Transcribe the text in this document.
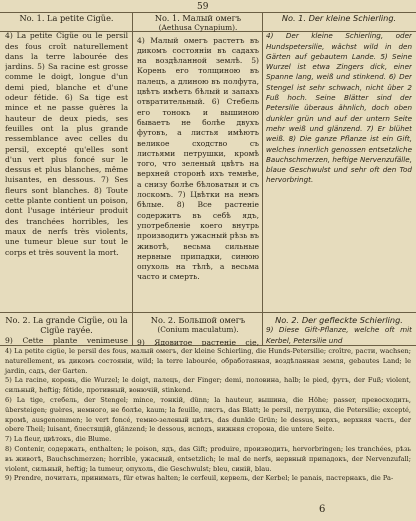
59
No. 1. La petite Cigüe.

4) La petite Cigüe ou le persil des fous croît naturellement dans la terre labourée des jardins. 5) Sa racine est grosse comme le doigt, longue d'un demi pied, blanche et d'une odeur fétide. 6) Sa tige est mince et ne passe guères la hauteur de deux pieds, ses feuilles ont la plus grande ressemblance avec celles du persil, excepté qu'elles sont d'un vert plus foncé sur le dessus et plus blanches, même luisantes, en dessous. 7) Ses fleurs sont blanches. 8) Toute cette plante contient un poison, dont l'usage intérieur produit des tranchées horribles, les maux de nerfs très violents, une tumeur bleue sur tout le corps et très souvent la mort.

No. 1. Малый омегъ
(Aethusa Cynapium).

4) Малый омегъ растетъ въ дикомъ состояніи въ садахъ на воздѣланной землѣ. 5) Корень его толщиною въ палецъ, а длиною въ полфута, цвѣтъ имѣетъ бѣлый и запахъ отвратительный. 6) Стебель его тонокъ и вышиною бываетъ не болѣе двухъ футовъ, а листья имѣютъ великое сходство съ листьями петрушки, кромѣ того, что зеленый цвѣтъ на верхней сторонѣ ихъ темнѣе, а снизу болѣе бѣловатыя и съ лоскомъ. 7) Цвѣтки на немъ бѣлые. 8) Все растеніе содержитъ въ себѣ ядъ, употребленіе коего внутрь производитъ ужасный рѣзь въ животѣ, весьма сильные нервные припадки, синюю опухоль на тѣлѣ, а весьма часто и смерть.

No. 1. Der kleine Schierling.

4) Der kleine Schierling, oder Hundspetersilie, wächst wild in den Gärten auf gebautem Lande. 5) Seine Wurzel ist etwa Zingers dick, einer Spanne lang, weiß und stinkend. 6) Der Stengel ist sehr schwach, nicht über 2 Fuß hoch. Seine Blätter sind der Petersilie überaus ähnlich, doch oben dunkler grün und auf der untern Seite mehr weiß und glänzend. 7) Er blühet weiß. 8) Die ganze Pflanze ist ein Gift, welches innerlich genossen entsetzliche Bauchschmerzen, heftige Nervenzufälle, blaue Geschwulst und sehr oft den Tod hervorbringt.

No. 2. La grande Cigüe, ou la Cigüe rayée.

9) Cette plante venimeuse

No. 2. Большой омегъ
(Conium maculatum).

9) Ядовитое растеніе сіе,

No. 2. Der gefleckte Schierling.

9) Diese Gift-Pflanze, welche oft mit Kerbel, Petersilie und

4) La petite cigüe, le persil des fous, малый омегъ, der kleine Schierling, die Hunds-Petersilie; croître, расти, wachsen; naturellement, въ дикомъ состояніи, wild; la terre labourée, обработанная, воздѣланная земля, gebautes Land; le jardin, садъ, der Garten.

5) La racine, корень, die Wurzel; le doigt, палецъ, der Finger; demi, половина, halb; le pied, футъ, der Fuß; violent, сильный, heftig; fétide, противный, вонючій, stinkend.

6) La tige, стебель, der Stengel; mince, тонкій, dünn; la hauteur, вышина, die Höhe; passer, превосходить, übersteigen; guères, немного, не болѣе, kaum; la feuille, листъ, das Blatt; le persil, петрушка, die Petersilie; excepté, кромѣ, ausgenommen; le vert foncé, темно-зеленый цвѣтъ, das dunkle Grün; le dessus, верхъ, верхняя часть, der obere Theil; luisant, блестящій, glänzend; le dessous, исподъ, нижняя сторона, die untere Seite.

7) La fleur, цвѣтокъ, die Blume.

8) Contenir, содержать, enthalten; le poison, ядъ, das Gift; produire, производить, hervorbringen; les tranchées, рѣзь въ животѣ, Bauchschmerzen; horrible, ужасный, entsetzlich; le mal de nerfs, нервный припадокъ, der Nervenzufall; violent, сильный, heftig; la tumeur, опухоль, die Geschwulst; bleu, синій, blau.

9) Prendre, почитать, принимать, für etwas halten; le cerfeuil, кервель, der Kerbel; le panais, пастернакъ, die Pa-

6
